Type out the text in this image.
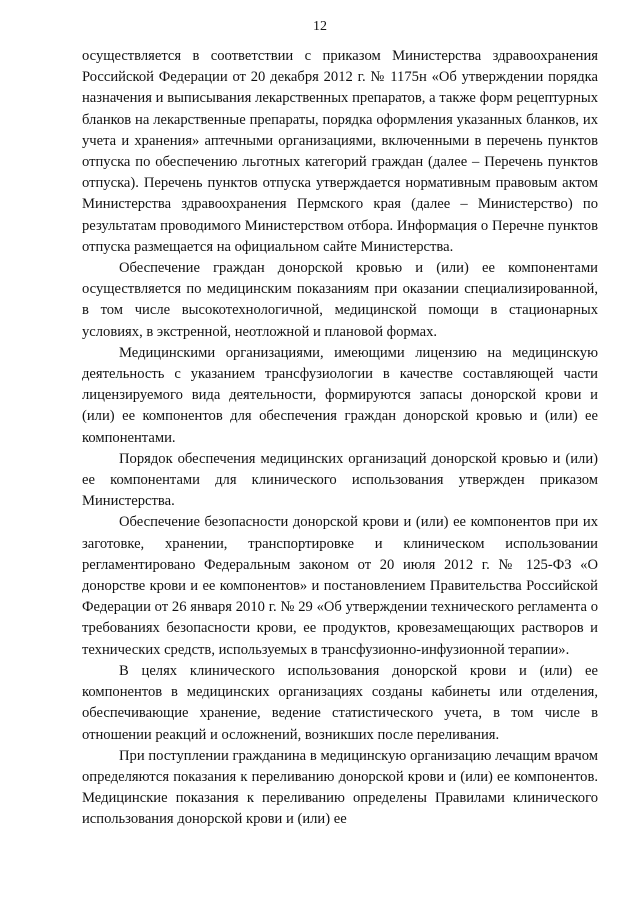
12

осуществляется в соответствии с приказом Министерства здравоохранения Российской Федерации от 20 декабря 2012 г. № 1175н «Об утверждении порядка назначения и выписывания лекарственных препаратов, а также форм рецептурных бланков на лекарственные препараты, порядка оформления указанных бланков, их учета и хранения» аптечными организациями, включенными в перечень пунктов отпуска по обеспечению льготных категорий граждан (далее – Перечень пунктов отпуска). Перечень пунктов отпуска утверждается нормативным правовым актом Министерства здравоохранения Пермского края (далее – Министерство) по результатам проводимого Министерством отбора. Информация о Перечне пунктов отпуска размещается на официальном сайте Министерства.

Обеспечение граждан донорской кровью и (или) ее компонентами осуществляется по медицинским показаниям при оказании специализированной, в том числе высокотехнологичной, медицинской помощи в стационарных условиях, в экстренной, неотложной и плановой формах.

Медицинскими организациями, имеющими лицензию на медицинскую деятельность с указанием трансфузиологии в качестве составляющей части лицензируемого вида деятельности, формируются запасы донорской крови и (или) ее компонентов для обеспечения граждан донорской кровью и (или) ее компонентами.

Порядок обеспечения медицинских организаций донорской кровью и (или) ее компонентами для клинического использования утвержден приказом Министерства.

Обеспечение безопасности донорской крови и (или) ее компонентов при их заготовке, хранении, транспортировке и клиническом использовании регламентировано Федеральным законом от 20 июля 2012 г. № 125-ФЗ «О донорстве крови и ее компонентов» и постановлением Правительства Российской Федерации от 26 января 2010 г. № 29 «Об утверждении технического регламента о требованиях безопасности крови, ее продуктов, кровезамещающих растворов и технических средств, используемых в трансфузионно-инфузионной терапии».

В целях клинического использования донорской крови и (или) ее компонентов в медицинских организациях созданы кабинеты или отделения, обеспечивающие хранение, ведение статистического учета, в том числе в отношении реакций и осложнений, возникших после переливания.

При поступлении гражданина в медицинскую организацию лечащим врачом определяются показания к переливанию донорской крови и (или) ее компонентов. Медицинские показания к переливанию определены Правилами клинического использования донорской крови и (или) ее
